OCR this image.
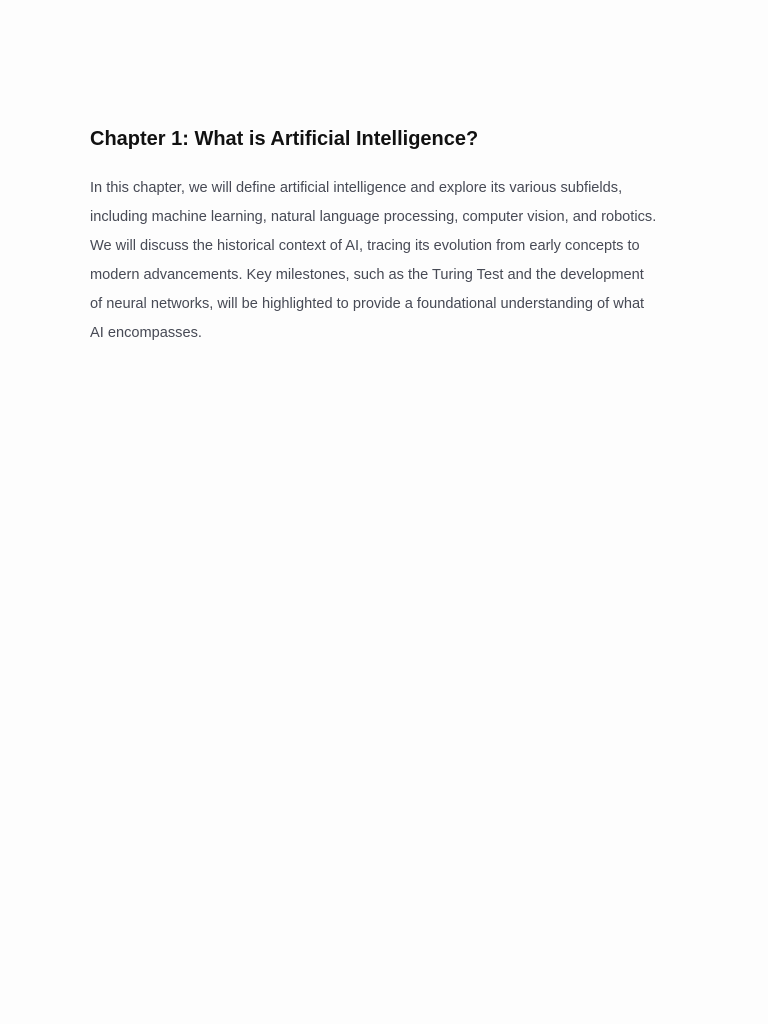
Chapter 1: What is Artificial Intelligence?

In this chapter, we will define artificial intelligence and explore its various subfields,
including machine learning, natural language processing, computer vision, and robotics.
We will discuss the historical context of AI, tracing its evolution from early concepts to
modern advancements. Key milestones, such as the Turing Test and the development
of neural networks, will be highlighted to provide a foundational understanding of what
AI encompasses.
